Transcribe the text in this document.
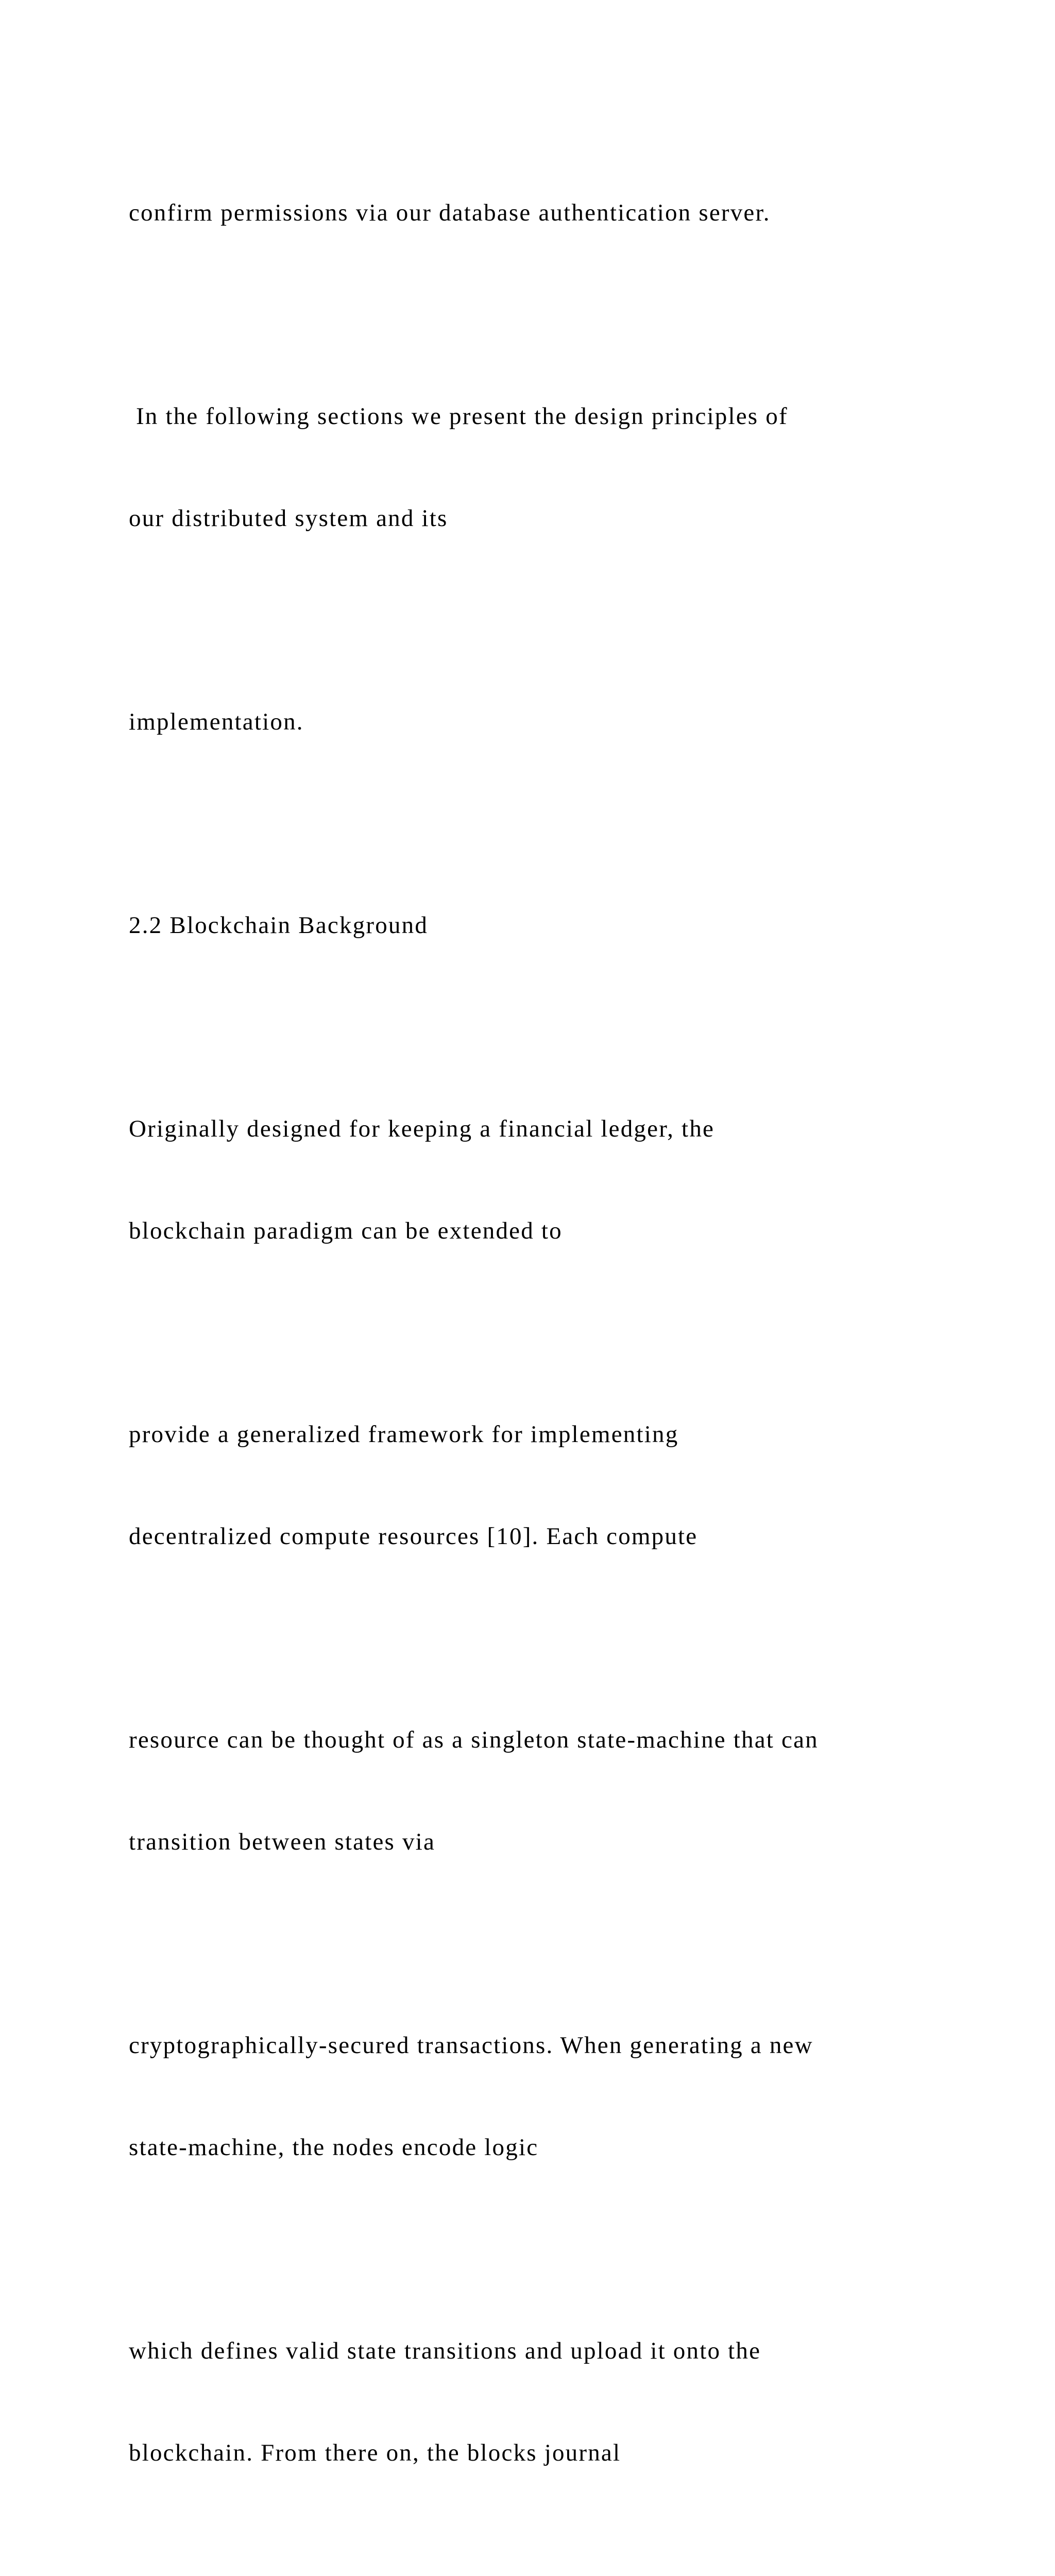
confirm permissions via our database authentication server.

In the following sections we present the design principles of

our distributed system and its

implementation.

2.2 Blockchain Background

Originally designed for keeping a financial ledger, the

blockchain paradigm can be extended to

provide a generalized framework for implementing

decentralized compute resources [10]. Each compute

resource can be thought of as a singleton state-machine that can

transition between states via

cryptographically-secured transactions. When generating a new

state-machine, the nodes encode logic

which defines valid state transitions and upload it onto the

blockchain. From there on, the blocks journal
